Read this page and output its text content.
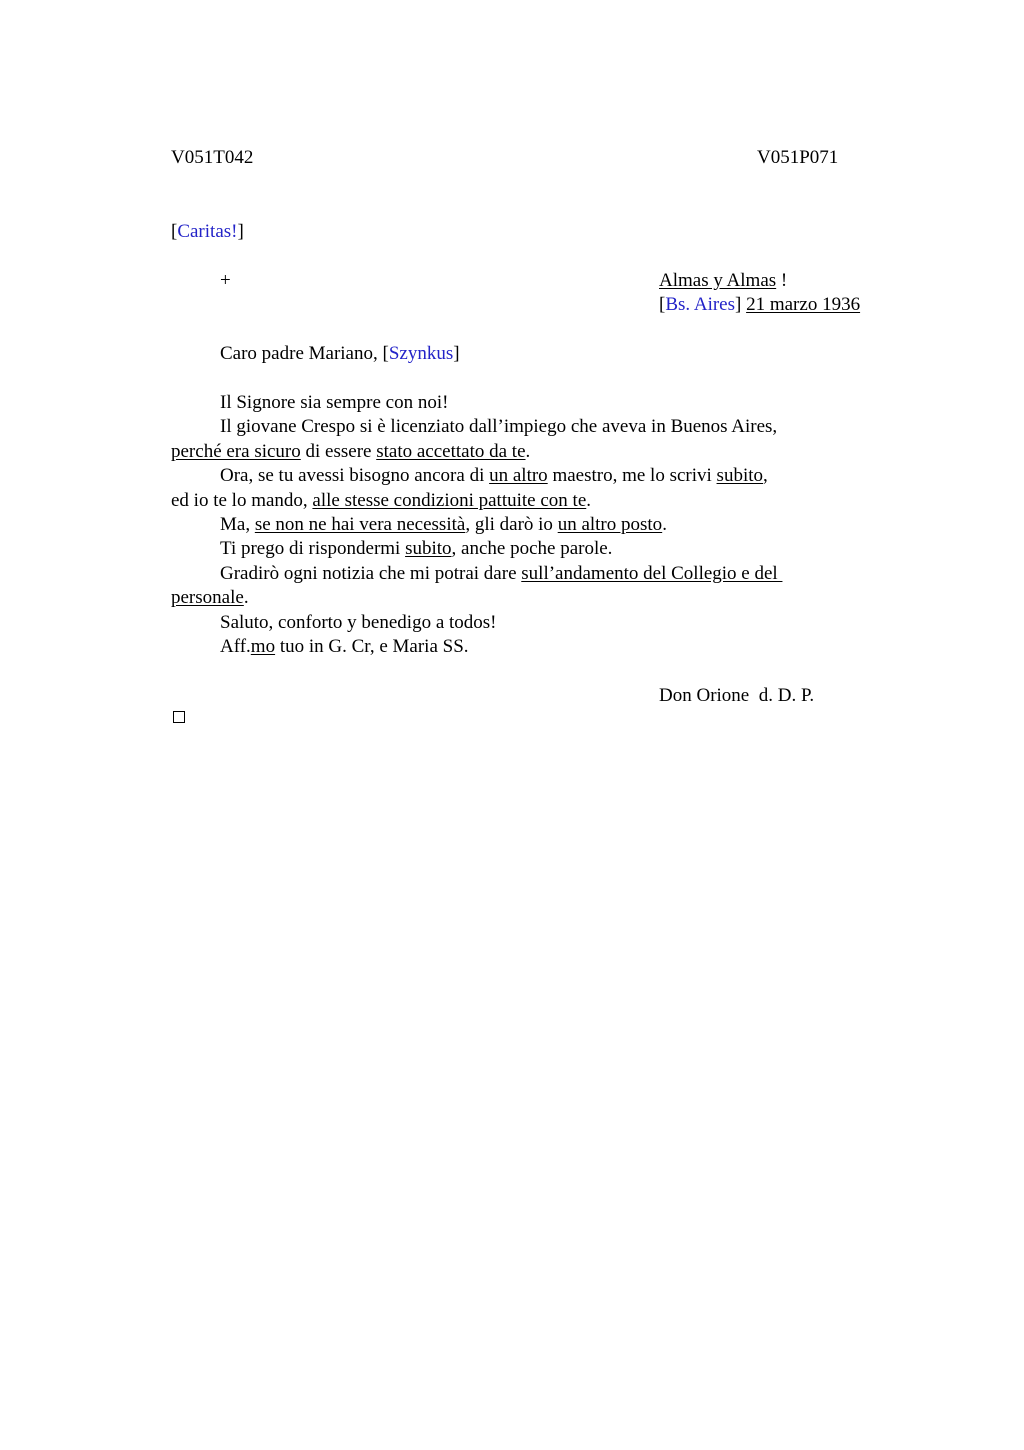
V051T042	V051P071
[Caritas!]
+	Almas y Almas !
[Bs. Aires] 21 marzo 1936
Caro padre Mariano, [Szynkus]
Il Signore sia sempre con noi!
Il giovane Crespo si è licenziato dall’impiego che aveva in Buenos Aires,
perché era sicuro di essere stato accettato da te.
Ora, se tu avessi bisogno ancora di un altro maestro, me lo scrivi subito,
ed io te lo mando, alle stesse condizioni pattuite con te.
Ma, se non ne hai vera necessità, gli darò io un altro posto.
Ti prego di rispondermi subito, anche poche parole.
Gradirò ogni notizia che mi potrai dare sull’andamento del Collegio e del
personale.
Saluto, conforto y benedigo a todos!
Aff.mo tuo in G. Cr, e Maria SS.
Don Orione  d. D. P.
